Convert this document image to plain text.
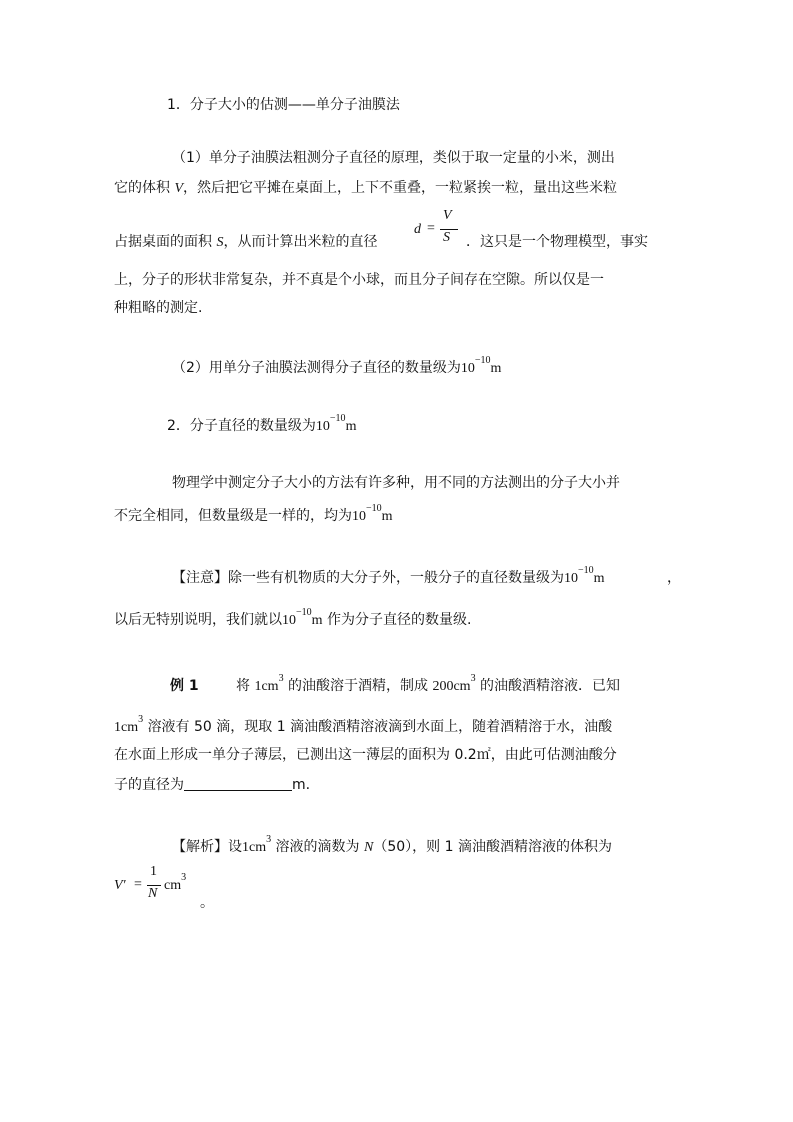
1．分子大小的估测——单分子油膜法
（1）单分子油膜法粗测分子直径的原理，类似于取一定量的小米，测出
它的体积 V，然后把它平摊在桌面上，上下不重叠，一粒紧挨一粒，量出这些米粒
占据桌面的面积 S，从而计算出米粒的直径
d =
V
S ．这只是一个物理模型，事实
上，分子的形状非常复杂，并不真是个小球，而且分子间存在空隙。所以仅是一
种粗略的测定.
（2）用单分子油膜法测得分子直径的数量级为$10^{-10}m$
2．分子直径的数量级为$10^{-10}m$
物理学中测定分子大小的方法有许多种，用不同的方法测出的分子大小并
不完全相同，但数量级是一样的，均为$10^{-10}m$
【注意】除一些有机物质的大分子外，一般分子的直径数量级为$10^{-10}m$	，
以后无特别说明，我们就以$10^{-10}m$ 作为分子直径的数量级.
例 1	将 $1cm^3$ 的油酸溶于酒精，制成 $200cm^3$ 的油酸酒精溶液．已知
$1cm^3$ 溶液有 50 滴，现取 1 滴油酸酒精溶液滴到水面上，随着酒精溶于水，油酸
在水面上形成一单分子薄层，已测出这一薄层的面积为 0.2㎡，由此可估测油酸分
子的直径为	m.
【解析】设$1cm^3$ 溶液的滴数为 N（50），则 1 滴油酸酒精溶液的体积为
V′ =
1
N
$cm^3$
。
